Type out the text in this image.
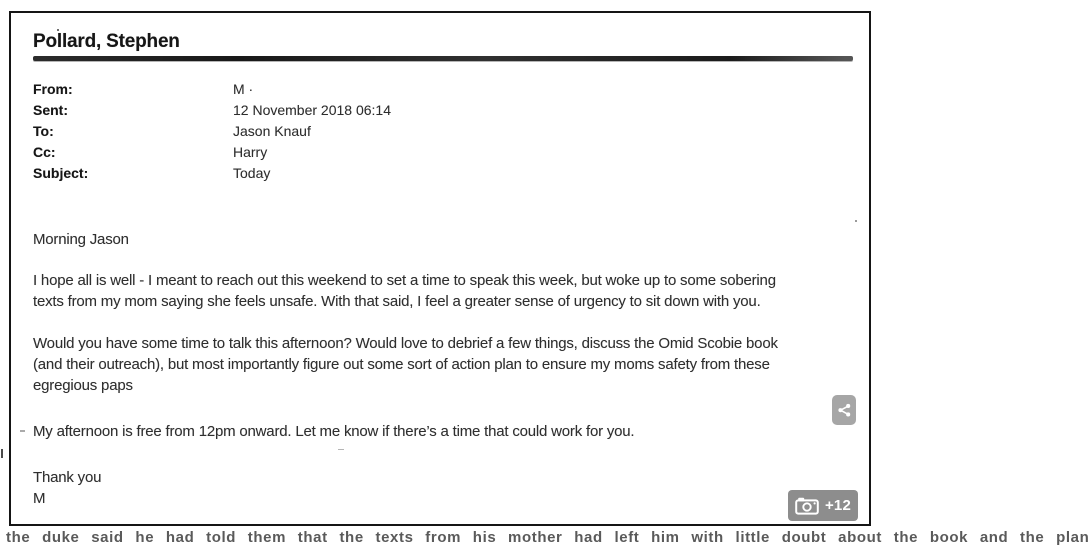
Pollard, Stephen
From:	M ·
Sent:	12 November 2018 06:14
To:	Jason Knauf
Cc:	Harry
Subject:	Today
Morning Jason
I hope all is well - I meant to reach out this weekend to set a time to speak this week, but woke up to some sobering
texts from my mom saying she feels unsafe. With that said, I feel a greater sense of urgency to sit down with you.
Would you have some time to talk this afternoon? Would love to debrief a few things, discuss the Omid Scobie book
(and their outreach), but most importantly figure out some sort of action plan to ensure my moms safety from these
egregious paps
My afternoon is free from 12pm onward. Let me know if there’s a time that could work for you.
Thank you
M	+12
the duke said he had told them that the texts from his mother had left him with little doubt about the book and the plan
